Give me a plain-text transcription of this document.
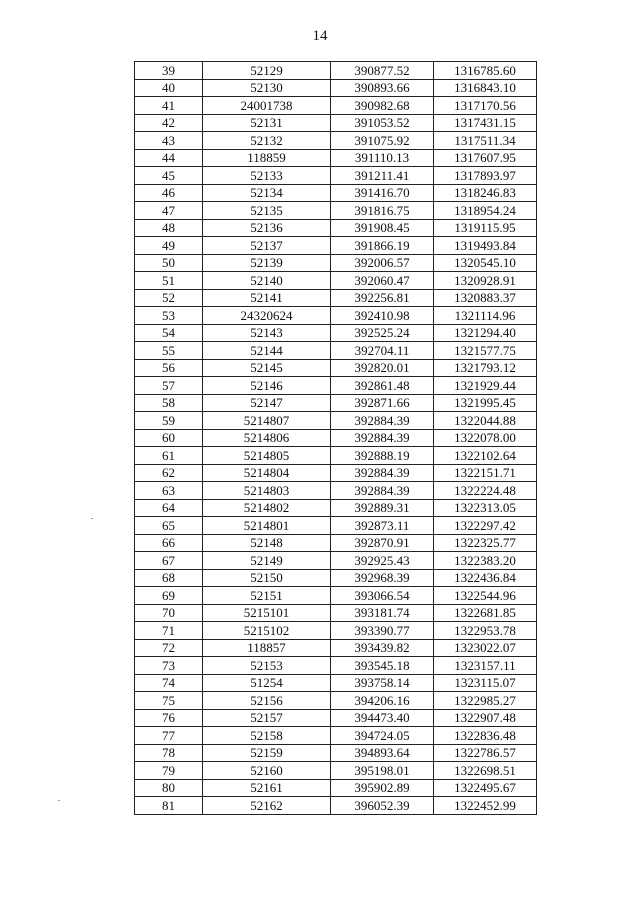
14
39	52129	390877.52	1316785.60
40	52130	390893.66	1316843.10
41	24001738	390982.68	1317170.56
42	52131	391053.52	1317431.15
43	52132	391075.92	1317511.34
44	118859	391110.13	1317607.95
45	52133	391211.41	1317893.97
46	52134	391416.70	1318246.83
47	52135	391816.75	1318954.24
48	52136	391908.45	1319115.95
49	52137	391866.19	1319493.84
50	52139	392006.57	1320545.10
51	52140	392060.47	1320928.91
52	52141	392256.81	1320883.37
53	24320624	392410.98	1321114.96
54	52143	392525.24	1321294.40
55	52144	392704.11	1321577.75
56	52145	392820.01	1321793.12
57	52146	392861.48	1321929.44
58	52147	392871.66	1321995.45
59	5214807	392884.39	1322044.88
60	5214806	392884.39	1322078.00
61	5214805	392888.19	1322102.64
62	5214804	392884.39	1322151.71
63	5214803	392884.39	1322224.48
64	5214802	392889.31	1322313.05
65	5214801	392873.11	1322297.42
66	52148	392870.91	1322325.77
67	52149	392925.43	1322383.20
68	52150	392968.39	1322436.84
69	52151	393066.54	1322544.96
70	5215101	393181.74	1322681.85
71	5215102	393390.77	1322953.78
72	118857	393439.82	1323022.07
73	52153	393545.18	1323157.11
74	51254	393758.14	1323115.07
75	52156	394206.16	1322985.27
76	52157	394473.40	1322907.48
77	52158	394724.05	1322836.48
78	52159	394893.64	1322786.57
79	52160	395198.01	1322698.51
80	52161	395902.89	1322495.67
81	52162	396052.39	1322452.99
